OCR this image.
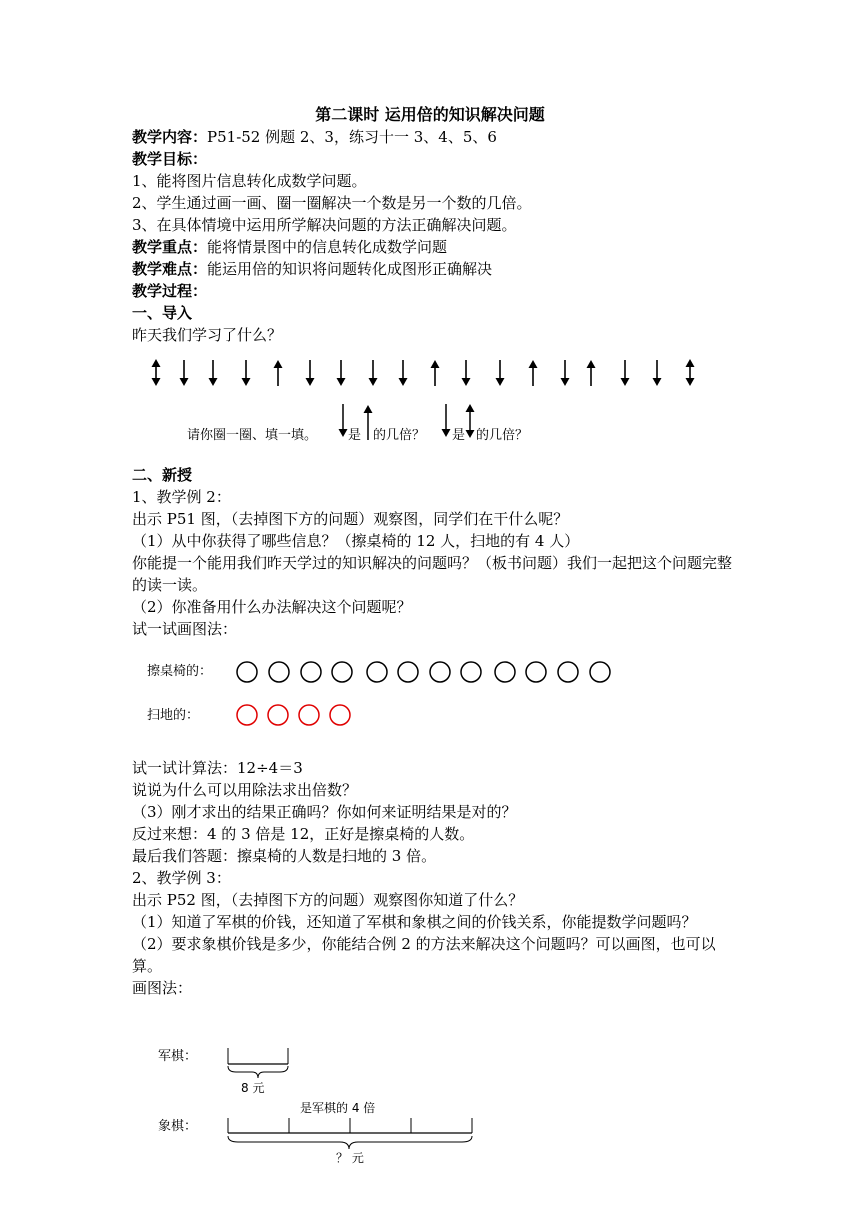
第二课时 运用倍的知识解决问题
教学内容：P51-52 例题 2、3，练习十一 3、4、5、6
教学目标：
1、能将图片信息转化成数学问题。
2、学生通过画一画、圈一圈解决一个数是另一个数的几倍。
3、在具体情境中运用所学解决问题的方法正确解决问题。
教学重点：能将情景图中的信息转化成数学问题
教学难点：能运用倍的知识将问题转化成图形正确解决
教学过程：
一、导入
昨天我们学习了什么？
请你圈一圈、填一填。 是 的几倍？ 是 的几倍？
二、新授
1、教学例 2：
出示 P51 图，（去掉图下方的问题）观察图，同学们在干什么呢？
（1）从中你获得了哪些信息？（擦桌椅的 12 人，扫地的有 4 人）
你能提一个能用我们昨天学过的知识解决的问题吗？（板书问题）我们一起把这个问题完整的读一读。
（2）你准备用什么办法解决这个问题呢？
试一试画图法：
擦桌椅的：
扫地的：
试一试计算法：12÷4＝3
说说为什么可以用除法求出倍数？
（3）刚才求出的结果正确吗？你如何来证明结果是对的？
反过来想：4 的 3 倍是 12，正好是擦桌椅的人数。
最后我们答题：擦桌椅的人数是扫地的 3 倍。
2、教学例 3：
出示 P52 图，（去掉图下方的问题）观察图你知道了什么？
（1）知道了军棋的价钱，还知道了军棋和象棋之间的价钱关系，你能提数学问题吗？
（2）要求象棋价钱是多少，你能结合例 2 的方法来解决这个问题吗？可以画图，也可以算。
画图法：
军棋：
8 元
是军棋的 4 倍
象棋：
？ 元
